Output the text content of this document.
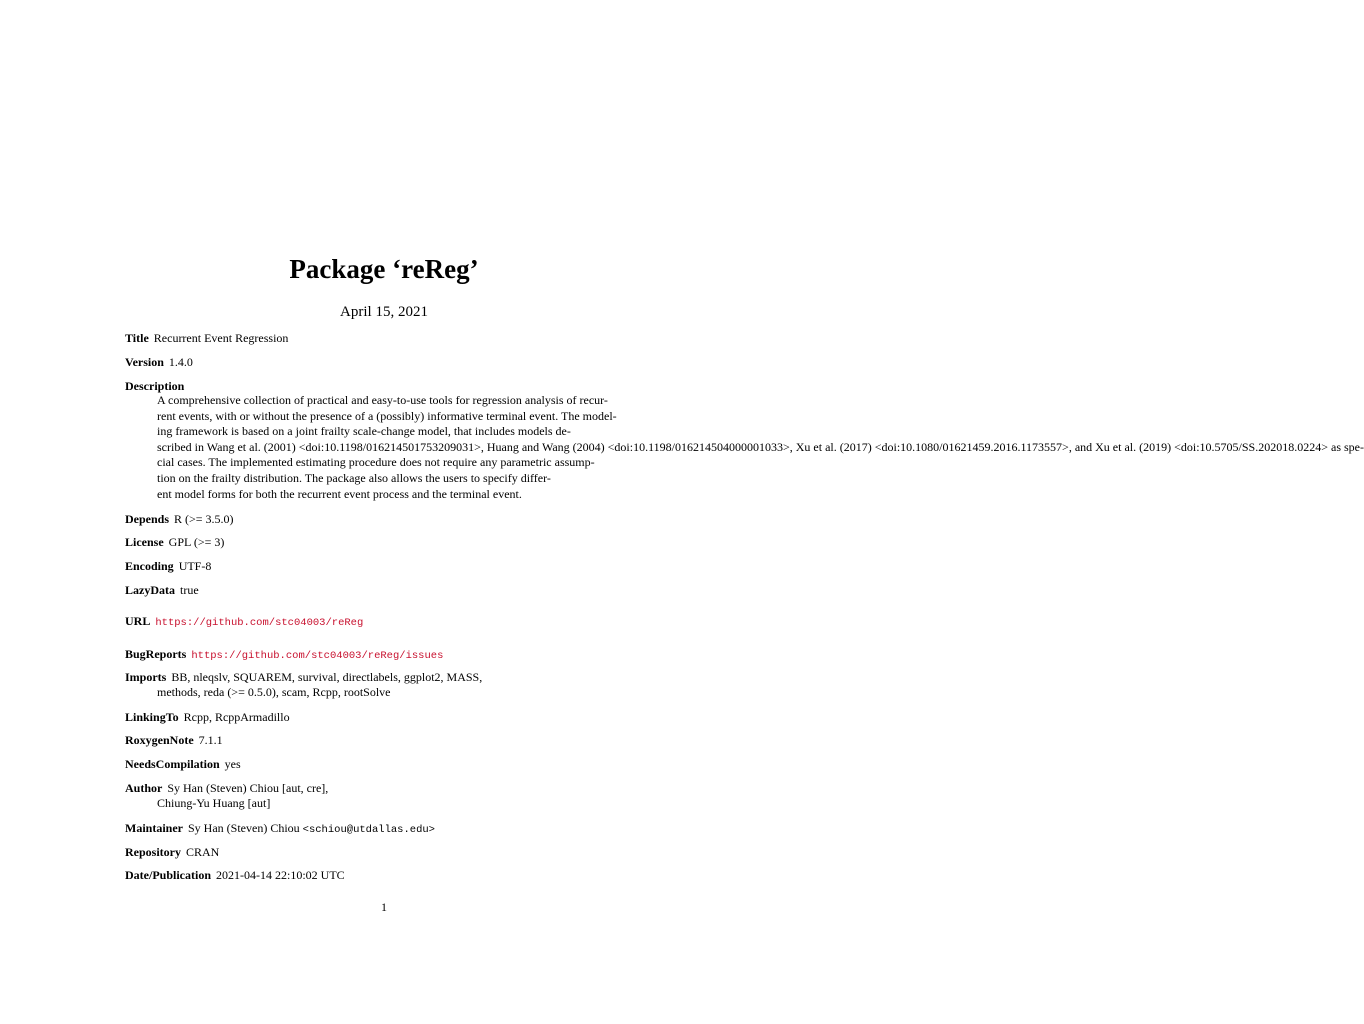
Package ‘reReg’
April 15, 2021
Title Recurrent Event Regression
Version 1.4.0
Description
A comprehensive collection of practical and easy-to-use tools for regression analysis of recur-
rent events, with or without the presence of a (possibly) informative terminal event. The model-
ing framework is based on a joint frailty scale-change model, that includes models de-
scribed in Wang et al. (2001) <doi:10.1198/016214501753209031>, Huang and Wang (2004) <doi:10.1198/016214504000001033>, Xu et al. (2017) <doi:10.1080/01621459.2016.1173557>, and Xu et al. (2019) <doi:10.5705/SS.202018.0224> as spe-
cial cases. The implemented estimating procedure does not require any parametric assump-
tion on the frailty distribution. The package also allows the users to specify differ-
ent model forms for both the recurrent event process and the terminal event.
Depends R (>= 3.5.0)
License GPL (>= 3)
Encoding UTF-8
LazyData true
URL https://github.com/stc04003/reReg
BugReports https://github.com/stc04003/reReg/issues
Imports BB, nleqslv, SQUAREM, survival, directlabels, ggplot2, MASS,
methods, reda (>= 0.5.0), scam, Rcpp, rootSolve
LinkingTo Rcpp, RcppArmadillo
RoxygenNote 7.1.1
NeedsCompilation yes
Author Sy Han (Steven) Chiou [aut, cre],
Chiung-Yu Huang [aut]
Maintainer Sy Han (Steven) Chiou <schiou@utdallas.edu>
Repository CRAN
Date/Publication 2021-04-14 22:10:02 UTC
1
